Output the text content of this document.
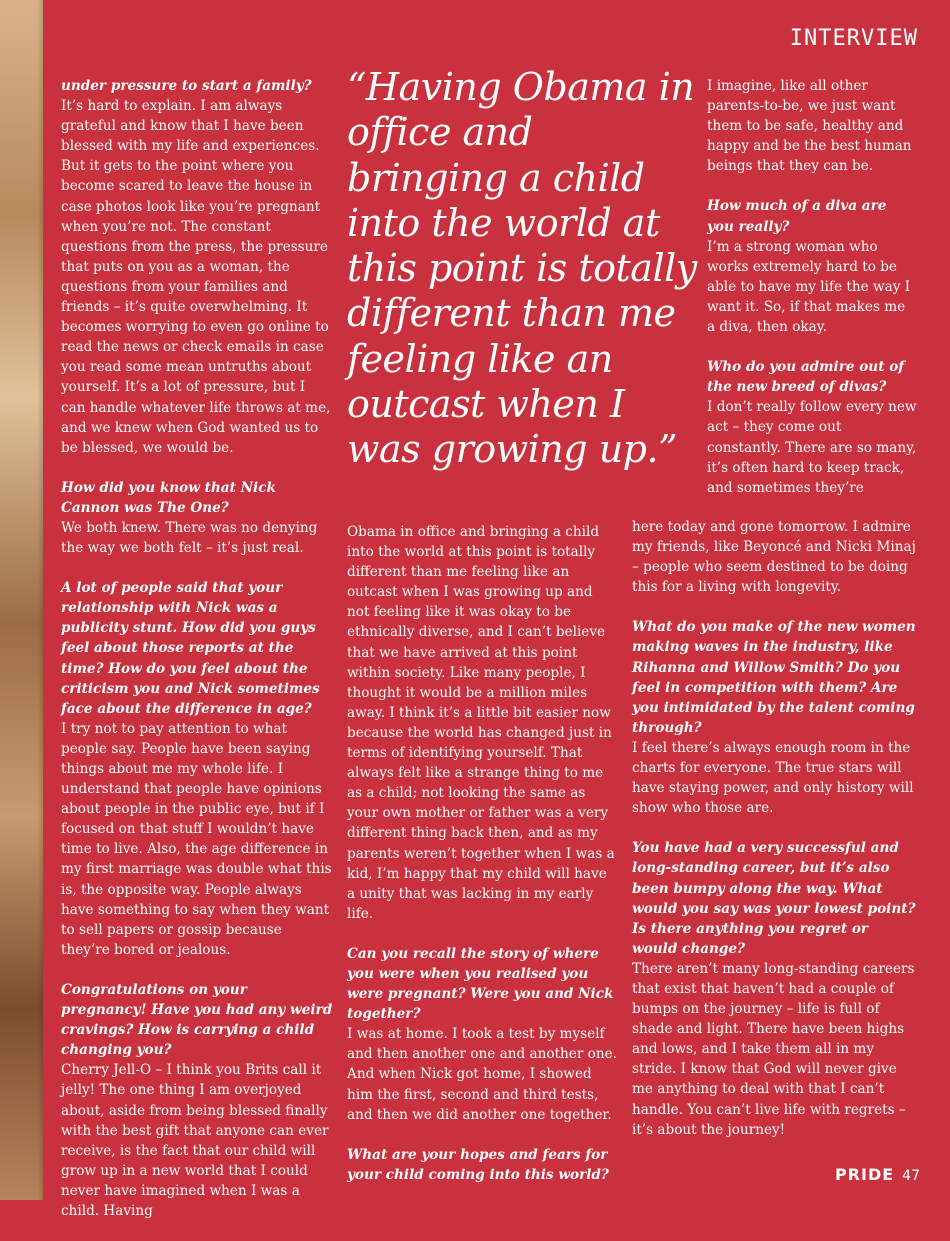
INTERVIEW
“Having Obama in office and bringing a child into the world at this point is totally different than me feeling like an outcast when I was growing up.”

under pressure to start a family?

It’s hard to explain. I am always grateful and know that I have been blessed with my life and experiences. But it gets to the point where you become scared to leave the house in case photos look like you’re pregnant when you’re not. The constant questions from the press, the pressure that puts on you as a woman, the questions from your families and friends – it’s quite overwhelming. It becomes worrying to even go online to read the news or check emails in case you read some mean untruths about yourself. It’s a lot of pressure, but I can handle whatever life throws at me, and we knew when God wanted us to be blessed, we would be.

How did you know that Nick Cannon was The One?

We both knew. There was no denying the way we both felt – it’s just real.

A lot of people said that your relationship with Nick was a publicity stunt. How did you guys feel about those reports at the time? How do you feel about the criticism you and Nick sometimes face about the difference in age?

I try not to pay attention to what people say. People have been saying things about me my whole life. I understand that people have opinions about people in the public eye, but if I focused on that stuff I wouldn’t have time to live. Also, the age difference in my first marriage was double what this is, the opposite way. People always have something to say when they want to sell papers or gossip because they’re bored or jealous.

Congratulations on your pregnancy! Have you had any weird cravings? How is carrying a child changing you?

Cherry Jell-O – I think you Brits call it jelly! The one thing I am overjoyed about, aside from being blessed finally with the best gift that anyone can ever receive, is the fact that our child will grow up in a new world that I could never have imagined when I was a child. Having

Obama in office and bringing a child into the world at this point is totally different than me feeling like an outcast when I was growing up and not feeling like it was okay to be ethnically diverse, and I can’t believe that we have arrived at this point within society. Like many people, I thought it would be a million miles away. I think it’s a little bit easier now because the world has changed just in terms of identifying yourself. That always felt like a strange thing to me as a child; not looking the same as your own mother or father was a very different thing back then, and as my parents weren’t together when I was a kid, I’m happy that my child will have a unity that was lacking in my early life.

Can you recall the story of where you were when you realised you were pregnant? Were you and Nick together?

I was at home. I took a test by myself and then another one and another one. And when Nick got home, I showed him the first, second and third tests, and then we did another one together.

What are your hopes and fears for your child coming into this world?

I imagine, like all other parents-to-be, we just want them to be safe, healthy and happy and be the best human beings that they can be.

How much of a diva are you really?

I’m a strong woman who works extremely hard to be able to have my life the way I want it. So, if that makes me a diva, then okay.

Who do you admire out of the new breed of divas?

I don’t really follow every new act – they come out constantly. There are so many, it’s often hard to keep track, and sometimes they’re

here today and gone tomorrow. I admire my friends, like Beyoncé and Nicki Minaj – people who seem destined to be doing this for a living with longevity.

What do you make of the new women making waves in the industry, like Rihanna and Willow Smith? Do you feel in competition with them? Are you intimidated by the talent coming through?

I feel there’s always enough room in the charts for everyone. The true stars will have staying power, and only history will show who those are.

You have had a very successful and long-standing career, but it’s also been bumpy along the way. What would you say was your lowest point? Is there anything you regret or would change?

There aren’t many long-standing careers that exist that haven’t had a couple of bumps on the journey – life is full of shade and light. There have been highs and lows, and I take them all in my stride. I know that God will never give me anything to deal with that I can’t handle. You can’t live life with regrets – it’s about the journey!

PRIDE 47
